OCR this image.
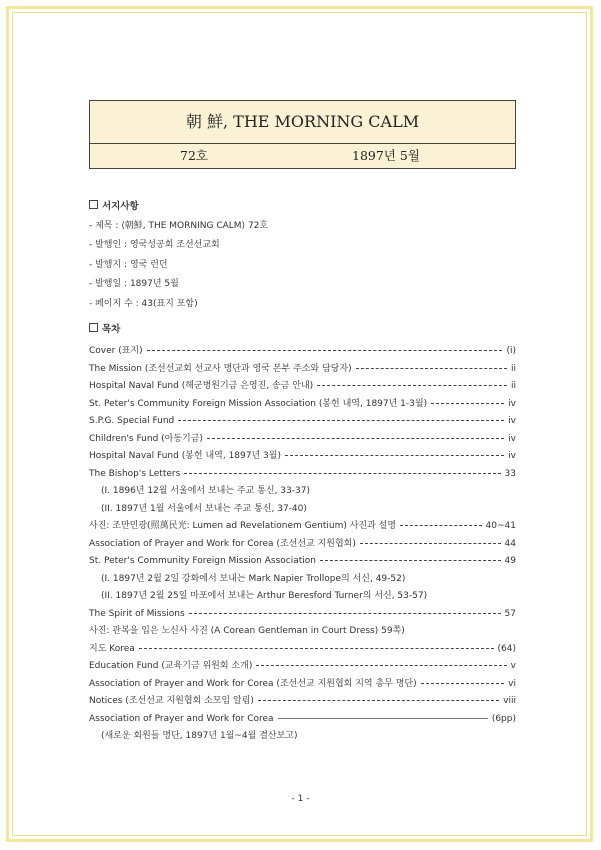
朝 鮮, THE MORNING CALM
72호	1897년 5월
서지사항
- 제목 : ⟨朝鮮, THE MORNING CALM⟩ 72호
- 발행인 : 영국성공회 조선선교회
- 발행지 : 영국 런던
- 발행일 : 1897년 5월
- 페이지 수 : 43(표지 포함)
목차
Cover (표지)	(i)
The Mission (조선선교회 선교사 명단과 영국 본부 주소와 담당자)	ii
Hospital Naval Fund (해군병원기금 은영진, 송금 안내)	ii
St. Peter's Community Foreign Mission Association (봉헌 내역, 1897년 1-3월)	iv
S.P.G. Special Fund	iv
Children's Fund (아동기금)	iv
Hospital Naval Fund (봉헌 내역, 1897년 3월)	iv
The Bishop's Letters	33
(I. 1896년 12월 서울에서 보내는 주교 통신, 33-37)
(II. 1897년 1월 서울에서 보내는 주교 통신, 37-40)
사진: 조만민광(照萬民光: Lumen ad Revelationem Gentium) 사진과 설명	40~41
Association of Prayer and Work for Corea (조선선교 지원협회)	44
St. Peter's Community Foreign Mission Association	49
(I. 1897년 2월 2일 강화에서 보내는 Mark Napier Trollope의 서신, 49-52)
(II. 1897년 2월 25일 마포에서 보내는 Arthur Beresford Turner의 서신, 53-57)
The Spirit of Missions	57
사진: 관복을 입은 노신사 사진 (A Corean Gentleman in Court Dress) 59쪽)
지도 Korea	(64)
Education Fund (교육기금 위원회 소개)	v
Association of Prayer and Work for Corea (조선선교 지원협회 지역 총무 명단)	vi
Notices (조선선교 지원협회 소모임 알림)	viii
Association of Prayer and Work for Corea	(6pp)
(새로운 회원들 명단, 1897년 1월~4월 결산보고)
- 1 -
